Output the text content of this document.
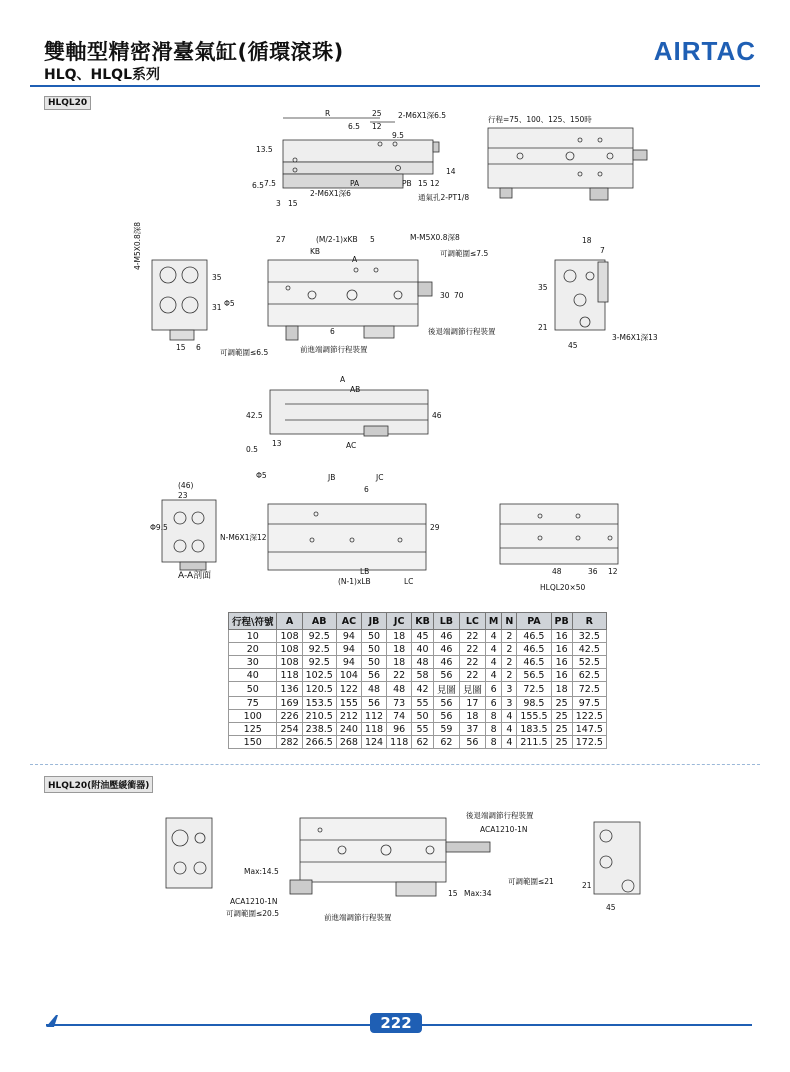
雙軸型精密滑臺氣缸(循環滾珠)
HLQ、HLQL系列
AIRTAC
HLQL20
R	25
6.5 12
2-M6X1深6.5
9.5
13.5
7.5
6.5	PA	PB 15 12
14
2-M6X1深6
3 15
通氣孔2-PT1/8
行程=75、100、125、150時
4-M5X0.8深8
35
31
15 6
27	(M/2-1)xKB
KB
A
5	M-M5X0.8深8
可調範圍≤7.5
30 70
Φ5
6	後退端調節行程裝置
前進端調節行程裝置
可調範圍≤6.5
18
7
35
21
45
3-M6X1深13
A
AB
AC
42.5	46
0.5
13
(46)
23
Φ9.5
N-M6X1深12
A-A剖面
Φ5	JB	JC
6
29
LB
(N-1)xLB	LC
48	36 12
HLQL20×50
行程\符號	A	AB	AC	JB	JC	KB	LB	LC	M	N	PA	PB	R
10	108	92.5	94	50	18	45	46	22	4	2	46.5	16	32.5
20	108	92.5	94	50	18	40	46	22	4	2	46.5	16	42.5
30	108	92.5	94	50	18	48	46	22	4	2	46.5	16	52.5
40	118	102.5	104	56	22	58	56	22	4	2	56.5	16	62.5
50	136	120.5	122	48	48	42	見圖	見圖	6	3	72.5	18	72.5
75	169	153.5	155	56	73	55	56	17	6	3	98.5	25	97.5
100	226	210.5	212	112	74	50	56	18	8	4	155.5	25	122.5
125	254	238.5	240	118	96	55	59	37	8	4	183.5	25	147.5
150	282	266.5	268	124	118	62	62	56	8	4	211.5	25	172.5
HLQL20(附油壓緩衝器)
後退端調節行程裝置
ACA1210-1N
Max:14.5
ACA1210-1N
可調範圍≤20.5	前進端調節行程裝置
15 Max:34
可調範圍≤21	21
45
222
